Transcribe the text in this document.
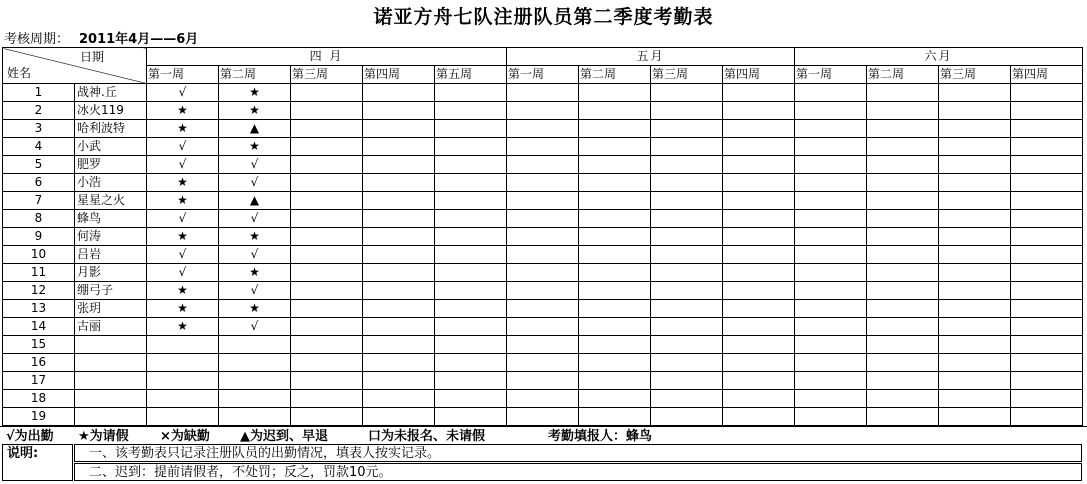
诺亚方舟七队注册队员第二季度考勤表
考核周期： 2011年4月——6月
日期
姓名		四 月					五月				六月			
		第一周	第二周	第三周	第四周	第五周	第一周	第二周	第三周	第四周	第一周	第二周	第三周	第四周
1	战神.丘	√	★											
2	冰火119	★	★											
3	哈利波特	★	▲											
4	小武	√	★											
5	肥罗	√	√											
6	小浩	★	√											
7	星星之火	★	▲											
8	蜂鸟	√	√											
9	何涛	★	★											
10	吕岩	√	√											
11	月影	√	★											
12	绷弓子	★	√											
13	张玥	★	★											
14	古丽	★	√											
15														
16														
17														
18														
19														
√为出勤 ★为请假 ×为缺勤 ▲为迟到、早退	口为未报名、未请假	考勤填报人：蜂鸟
说明:	一、该考勤表只记录注册队员的出勤情况，填表人按实记录。
二、迟到：提前请假者，不处罚；反之，罚款10元。
